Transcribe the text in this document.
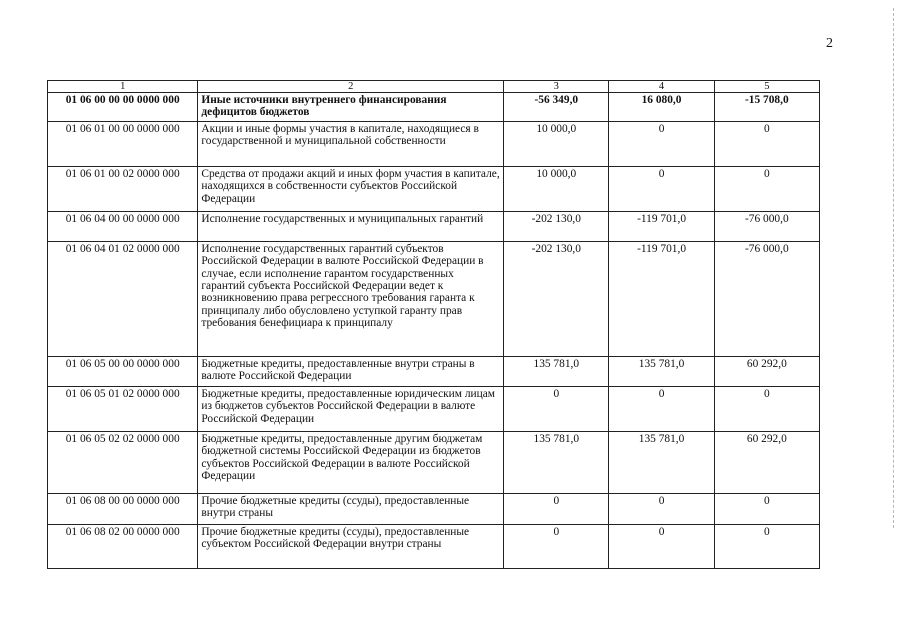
2
1	2	3	4	5
01 06 00 00 00 0000 000	Иные источники внутреннего финансирования дефицитов бюджетов	-56 349,0	16 080,0	-15 708,0
01 06 01 00 00 0000 000	Акции и иные формы участия в капитале, находящиеся в государственной и муниципальной собственности	10 000,0	0	0
01 06 01 00 02 0000 000	Средства от продажи акций и иных форм участия в капитале, находящихся в собственности субъектов Российской Федерации	10 000,0	0	0
01 06 04 00 00 0000 000	Исполнение государственных и муниципальных гарантий	-202 130,0	-119 701,0	-76 000,0
01 06 04 01 02 0000 000	Исполнение государственных гарантий субъектов Российской Федерации в валюте Российской Федерации в случае, если исполнение гарантом государственных гарантий субъекта Российской Федерации ведет к возникновению права регрессного требования гаранта к принципалу либо обусловлено уступкой гаранту прав требования бенефициара к принципалу	-202 130,0	-119 701,0	-76 000,0
01 06 05 00 00 0000 000	Бюджетные кредиты, предоставленные внутри страны в валюте Российской Федерации	135 781,0	135 781,0	60 292,0
01 06 05 01 02 0000 000	Бюджетные кредиты, предоставленные юридическим лицам из бюджетов субъектов Российской Федерации в валюте Российской Федерации	0	0	0
01 06 05 02 02 0000 000	Бюджетные кредиты, предоставленные другим бюджетам бюджетной системы Российской Федерации из бюджетов субъектов Российской Федерации в валюте Российской Федерации	135 781,0	135 781,0	60 292,0
01 06 08 00 00 0000 000	Прочие бюджетные кредиты (ссуды), предоставленные внутри страны	0	0	0
01 06 08 02 00 0000 000	Прочие бюджетные кредиты (ссуды), предоставленные субъектом Российской Федерации внутри страны	0	0	0
